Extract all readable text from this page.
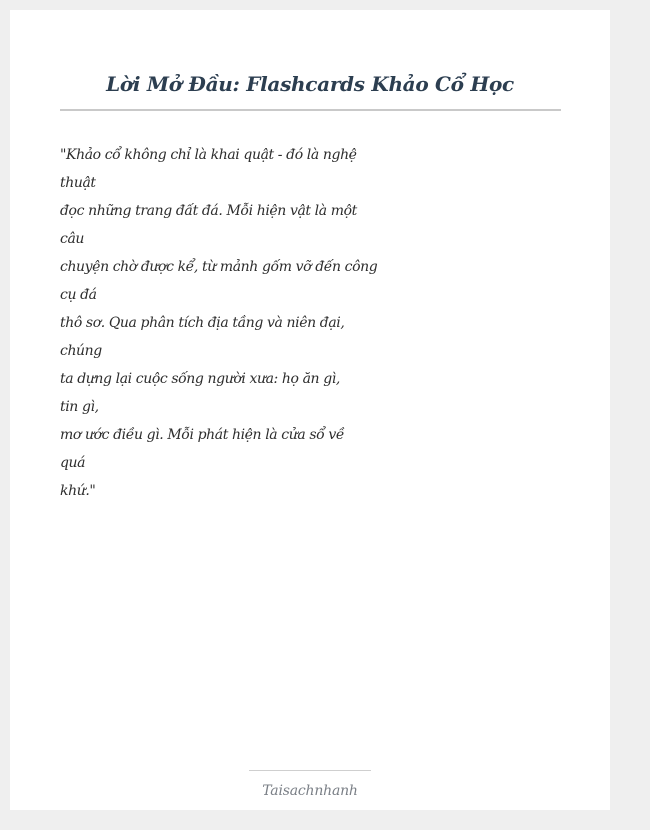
Lời Mở Đầu: Flashcards Khảo Cổ Học
"Khảo cổ không chỉ là khai quật - đó là nghệ
thuật
đọc những trang đất đá. Mỗi hiện vật là một
câu
chuyện chờ được kể, từ mảnh gốm vỡ đến công
cụ đá
thô sơ. Qua phân tích địa tầng và niên đại,
chúng
ta dựng lại cuộc sống người xưa: họ ăn gì,
tin gì,
mơ ước điều gì. Mỗi phát hiện là cửa sổ về
quá
khứ."
Taisachnhanh
